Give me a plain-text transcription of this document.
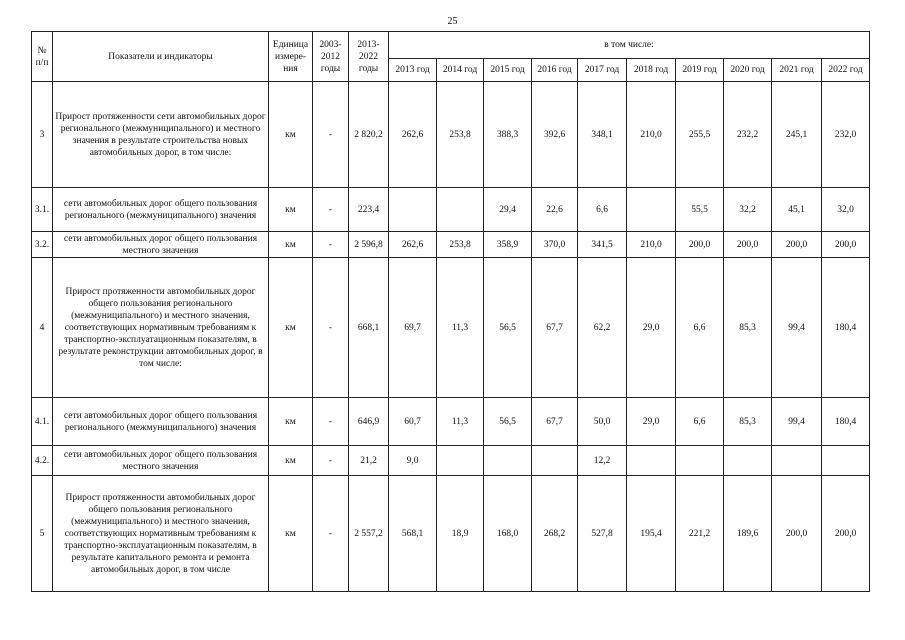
25
№ п/п	Показатели и индикаторы	Единица измере-ния	2003-2012 годы	2013-2022 годы	в том числе:									
					2013 год	2014 год	2015 год	2016 год	2017 год	2018 год	2019 год	2020 год	2021 год	2022 год
3	Прирост протяженности сети автомобильных дорог регионального (межмуниципального) и местного значения в результате строительства новых автомобильных дорог, в том числе:	км	-	2 820,2	262,6	253,8	388,3	392,6	348,1	210,0	255,5	232,2	245,1	232,0
3.1.	сети автомобильных дорог общего пользования регионального (межмуниципального) значения	км	-	223,4			29,4	22,6	6,6		55,5	32,2	45,1	32,0
3.2.	сети автомобильных дорог общего пользования местного значения	км	-	2 596,8	262,6	253,8	358,9	370,0	341,5	210,0	200,0	200,0	200,0	200,0
4	Прирост протяженности автомобильных дорог общего пользования регионального (межмуниципального) и местного значения, соответствующих нормативным требованиям к транспортно-эксплуатационным показателям, в результате реконструкции автомобильных дорог, в том числе:	км	-	668,1	69,7	11,3	56,5	67,7	62,2	29,0	6,6	85,3	99,4	180,4
4.1.	сети автомобильных дорог общего пользования регионального (межмуниципального) значения	км	-	646,9	60,7	11,3	56,5	67,7	50,0	29,0	6,6	85,3	99,4	180,4
4.2.	сети автомобильных дорог общего пользования местного значения	км	-	21,2	9,0				12,2					
5	Прирост протяженности автомобильных дорог общего пользования регионального (межмуниципального) и местного значения, соответствующих нормативным требованиям к транспортно-эксплуатационным показателям, в результате капитального ремонта и ремонта автомобильных дорог, в том числе	км	-	2 557,2	568,1	18,9	168,0	268,2	527,8	195,4	221,2	189,6	200,0	200,0
